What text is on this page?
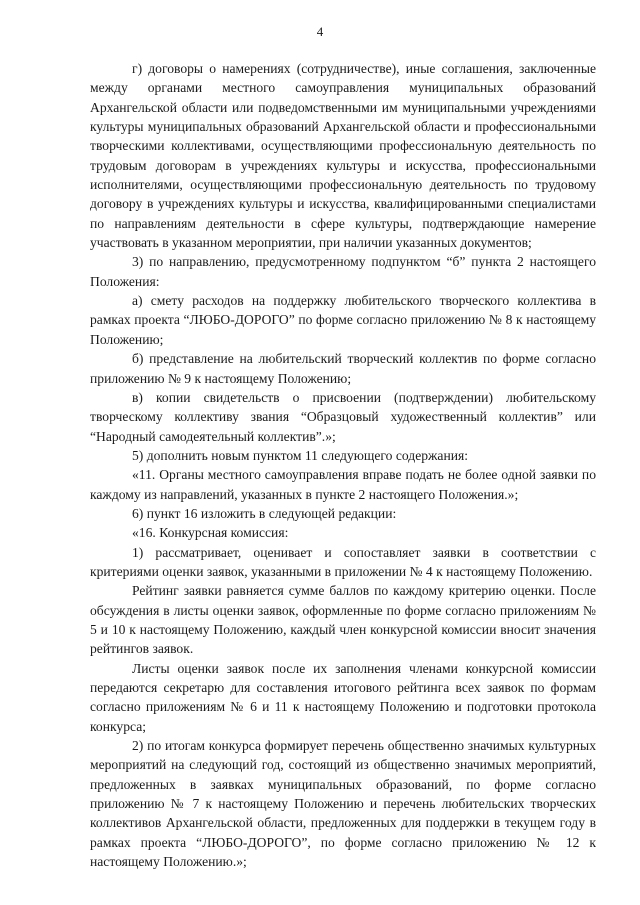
4

г) договоры о намерениях (сотрудничестве), иные соглашения, заключенные между органами местного самоуправления муниципальных образований Архангельской области или подведомственными им муниципальными учреждениями культуры муниципальных образований Архангельской области и профессиональными творческими коллективами, осуществляющими профессиональную деятельность по трудовым договорам в учреждениях культуры и искусства, профессиональными исполнителями, осуществляющими профессиональную деятельность по трудовому договору в учреждениях культуры и искусства, квалифицированными специалистами по направлениям деятельности в сфере культуры, подтверждающие намерение участвовать в указанном мероприятии, при наличии указанных документов;

3) по направлению, предусмотренному подпунктом “б” пункта 2 настоящего Положения:

а) смету расходов на поддержку любительского творческого коллектива в рамках проекта “ЛЮБО-ДОРОГО” по форме согласно приложению № 8 к настоящему Положению;

б) представление на любительский творческий коллектив по форме согласно приложению № 9 к настоящему Положению;

в) копии свидетельств о присвоении (подтверждении) любительскому творческому коллективу звания “Образцовый художественный коллектив” или “Народный самодеятельный коллектив”.»;

5) дополнить новым пунктом 11 следующего содержания:

«11. Органы местного самоуправления вправе подать не более одной заявки по каждому из направлений, указанных в пункте 2 настоящего Положения.»;

6) пункт 16 изложить в следующей редакции:

«16. Конкурсная комиссия:

1) рассматривает, оценивает и сопоставляет заявки в соответствии с критериями оценки заявок, указанными в приложении № 4 к настоящему Положению.

Рейтинг заявки равняется сумме баллов по каждому критерию оценки. После обсуждения в листы оценки заявок, оформленные по форме согласно приложениям № 5 и 10 к настоящему Положению, каждый член конкурсной комиссии вносит значения рейтингов заявок.

Листы оценки заявок после их заполнения членами конкурсной комиссии передаются секретарю для составления итогового рейтинга всех заявок по формам согласно приложениям № 6 и 11 к настоящему Положению и подготовки протокола конкурса;

2) по итогам конкурса формирует перечень общественно значимых культурных мероприятий на следующий год, состоящий из общественно значимых мероприятий, предложенных в заявках муниципальных образований, по форме согласно приложению № 7 к настоящему Положению и перечень любительских творческих коллективов Архангельской области, предложенных для поддержки в текущем году в рамках проекта “ЛЮБО-ДОРОГО”, по форме согласно приложению № 12 к настоящему Положению.»;
